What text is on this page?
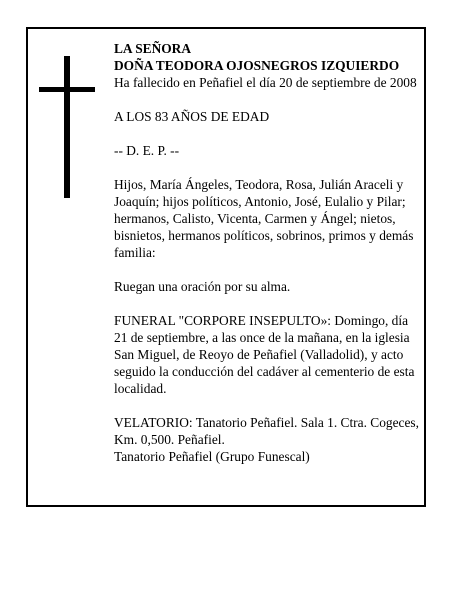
LA SEÑORA

DOÑA TEODORA OJOSNEGROS IZQUIERDO

Ha fallecido en Peñafiel el día 20 de septiembre de 2008

A LOS 83 AÑOS DE EDAD

-- D. E. P. --

Hijos, María Ángeles, Teodora, Rosa, Julián Araceli y Joaquín; hijos políticos, Antonio, José, Eulalio y Pilar; hermanos, Calisto, Vicenta, Carmen y Ángel; nietos, bisnietos, hermanos políticos, sobrinos, primos y demás familia:

Ruegan una oración por su alma.

FUNERAL "CORPORE INSEPULTO»: Domingo, día 21 de septiembre, a las once de la mañana, en la iglesia San Miguel, de Reoyo de Peñafiel (Valladolid), y acto seguido la conducción del cadáver al cementerio de esta localidad.

VELATORIO: Tanatorio Peñafiel. Sala 1. Ctra. Cogeces, Km. 0,500. Peñafiel.

Tanatorio Peñafiel (Grupo Funescal)
